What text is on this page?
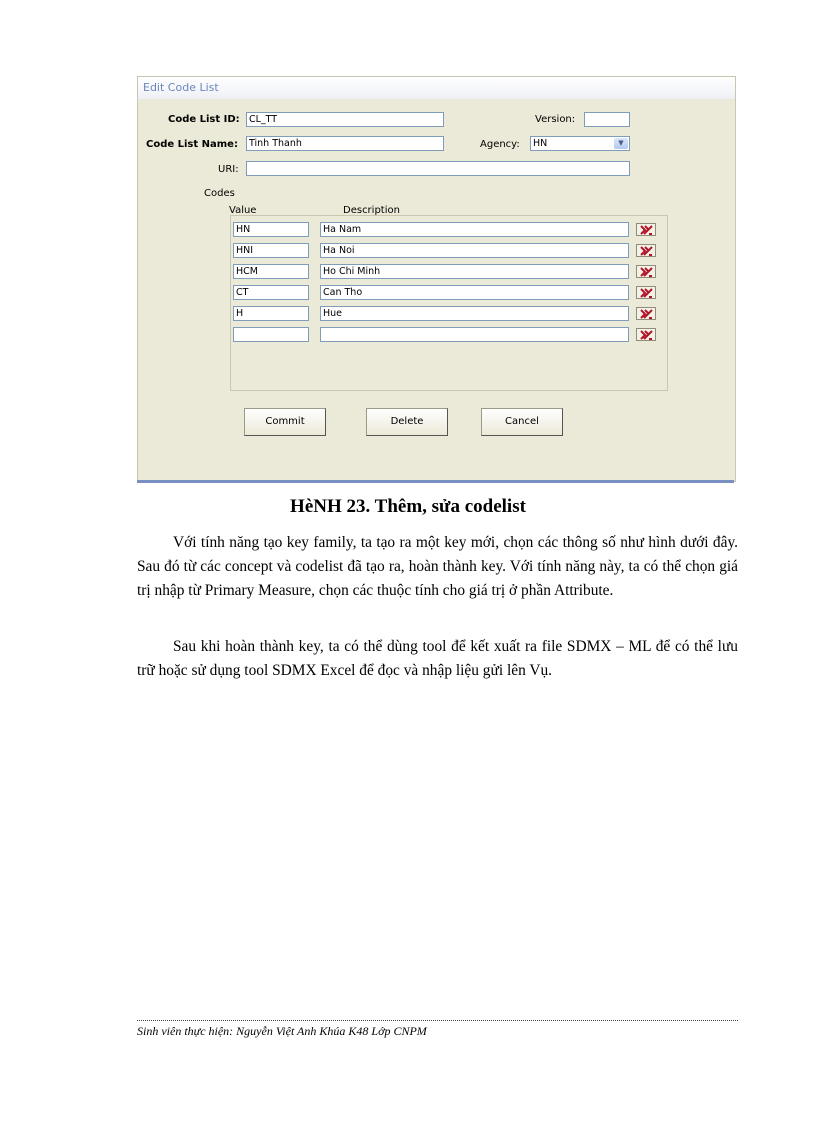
Edit Code List
Code List ID: CL_TT	Version:
Code List Name:	Tinh Thanh	Agency:	HN	▼
URI:
Codes
Value	Description
HN	Ha Nam
HNI	Ha Noi
HCM	Ho Chi Minh
CT	Can Tho
H	Hue
Commit	Delete	Cancel
HèNH 23. Thêm, sửa codelist

Với tính năng tạo key family, ta tạo ra một key mới, chọn các thông số như hình dưới đây. Sau đó từ các concept và codelist đã tạo ra, hoàn thành key. Với tính năng này, ta có thể chọn giá trị nhập từ Primary Measure, chọn các thuộc tính cho giá trị ở phần Attribute.

Sau khi hoàn thành key, ta có thể dùng tool để kết xuất ra file SDMX – ML để có thể lưu trữ hoặc sử dụng tool SDMX Excel để đọc và nhập liệu gửi lên Vụ.

Sinh viên thực hiện: Nguyễn Việt Anh Khúa K48 Lớp CNPM
